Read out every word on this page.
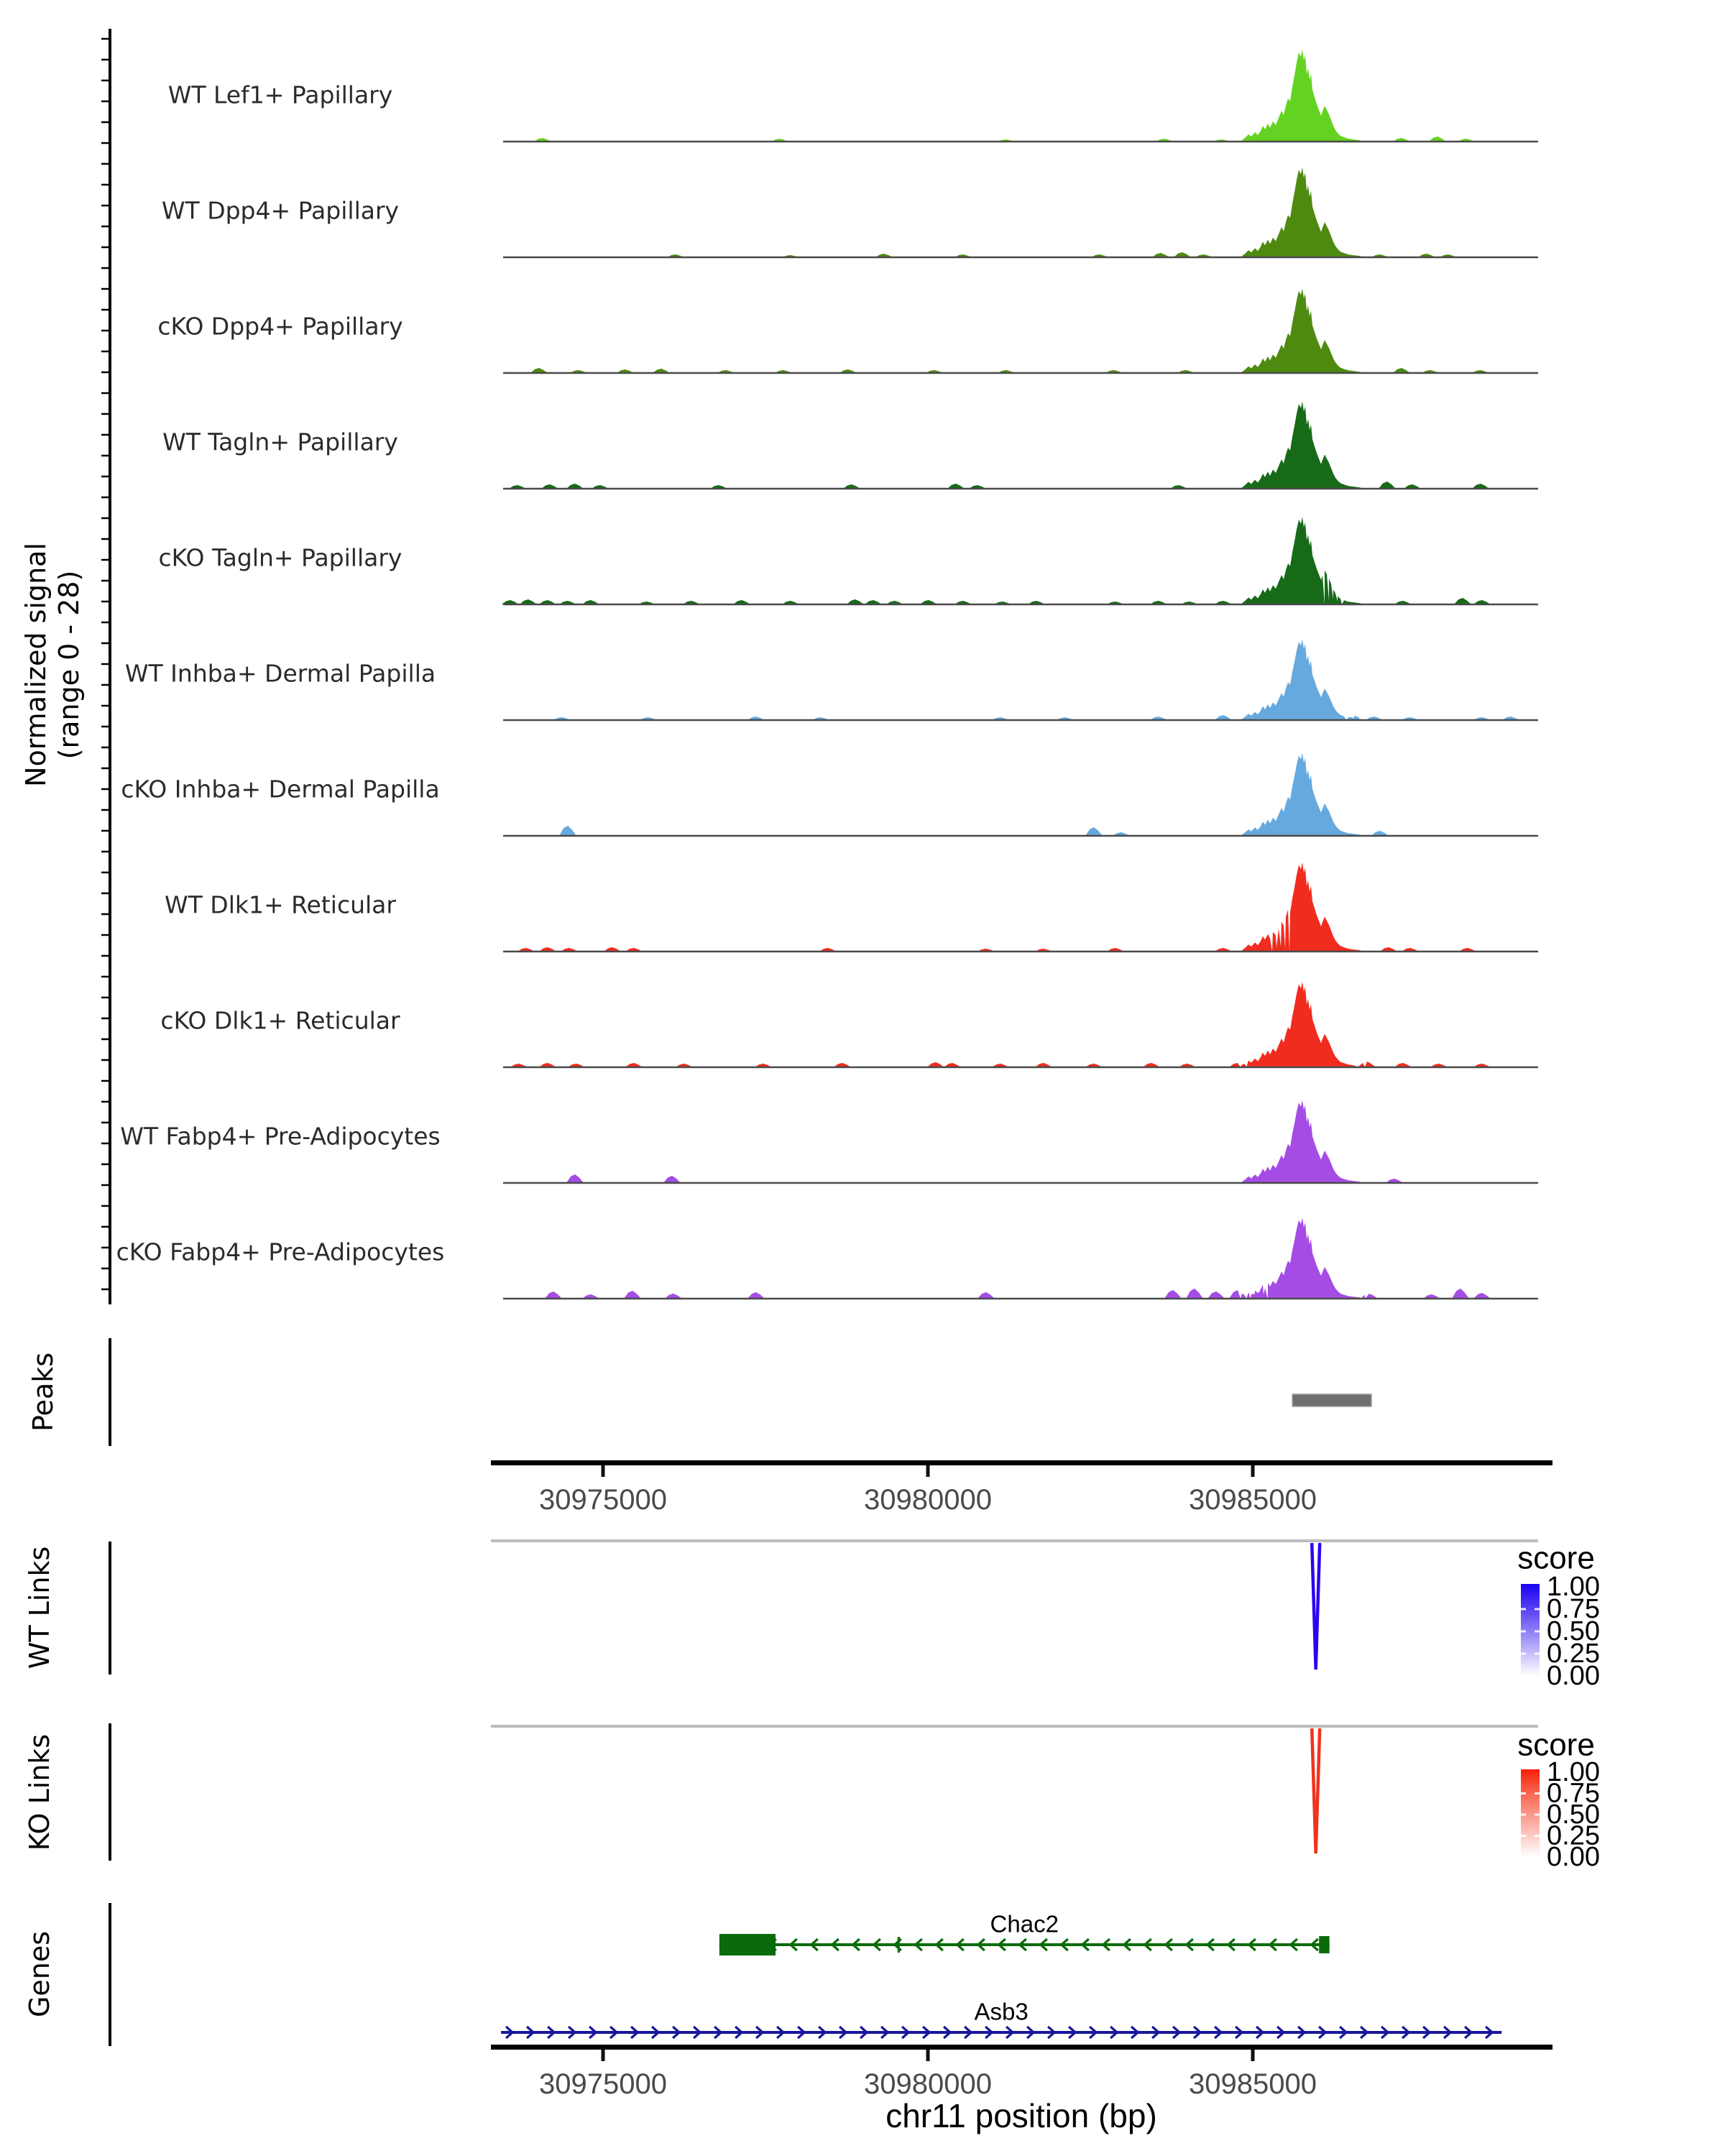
Normalized signal (range 0 - 28)
WT Lef1+ Papillary
WT Dpp4+ Papillary
cKO Dpp4+ Papillary
WT Tagln+ Papillary
cKO Tagln+ Papillary
WT Inhba+ Dermal Papilla
cKO Inhba+ Dermal Papilla
WT Dlk1+ Reticular
cKO Dlk1+ Reticular
WT Fabp4+ Pre-Adipocytes
cKO Fabp4+ Pre-Adipocytes
Peaks
30975000	30980000	30985000
WT Links	score
1.00
0.75
0.50
0.25
0.00
KO Links	score
1.00
0.75
0.50
0.25
0.00
Genes
Chac2
Asb3
30975000	30980000	30985000
chr11 position (bp)
